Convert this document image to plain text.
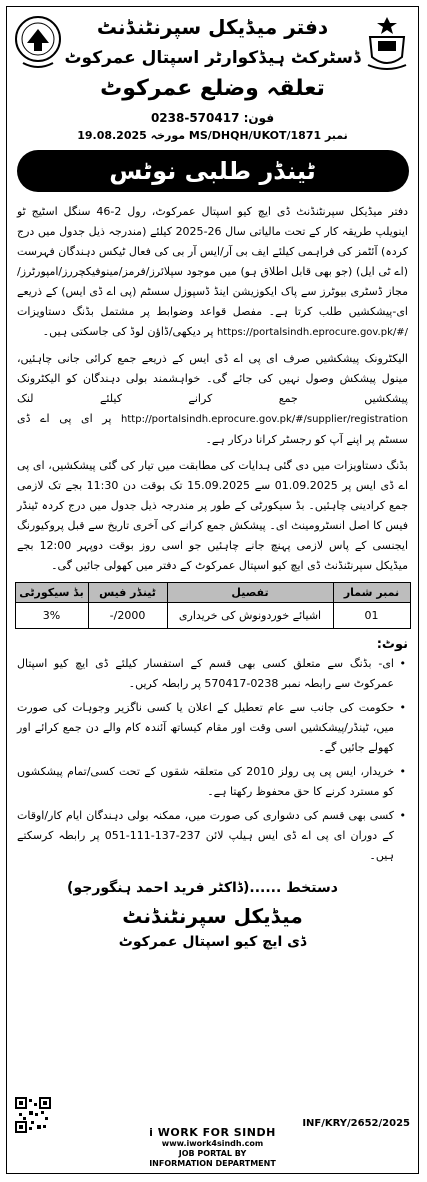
دفتر میڈیکل سپرنٹنڈنٹ
ڈسٹرکٹ ہیڈکوارٹر اسپتال عمرکوٹ
تعلقہ وضلع عمرکوٹ
فون: 0238-570417
نمبر MS/DHQH/UKOT/1871 مورخہ 19.08.2025
ٹینڈر طلبی نوٹس

دفتر میڈیکل سپرنٹنڈنٹ ڈی ایچ کیو اسپتال عمرکوٹ، رول 2-46 سنگل اسٹیج ٹو اینویلپ طریقہ کار کے تحت مالیاتی سال 26-2025 کیلئے (مندرجہ ذیل جدول میں درج کردہ) آئٹمز کی فراہمی کیلئے ایف بی آر/ایس آر بی کی فعال ٹیکس دہندگان فہرست (اے ٹی ایل) (جو بھی قابل اطلاق ہو) میں موجود سپلائرز/فرمز/مینوفیکچررز/امپورٹرز/مجاز ڈسٹری بیوٹرز سے پاک ایکوزیشن اینڈ ڈسپوزل سسٹم (پی اے ڈی ایس) کے ذریعے ای-پیشکشیں طلب کرتا ہے۔ مفصل قواعد وضوابط پر مشتمل بڈنگ دستاویزات https://portalsindh.eprocure.gov.pk/#/ پر دیکھی/ڈاؤن لوڈ کی جاسکتی ہیں۔

الیکٹرونک پیشکشیں صرف ای پی اے ڈی ایس کے ذریعے جمع کرائی جانی چاہئیں، مینول پیشکش وصول نہیں کی جائے گی۔ خواہشمند بولی دہندگان کو الیکٹرونک پیشکشیں جمع کرانے کیلئے لنک http://portalsindh.eprocure.gov.pk/#/supplier/registration پر ای پی اے ڈی سسٹم پر اپنے آپ کو رجسٹر کرانا درکار ہے۔

بڈنگ دستاویزات میں دی گئی ہدایات کی مطابقت میں تیار کی گئی پیشکشیں، ای پی اے ڈی ایس پر 01.09.2025 سے 15.09.2025 تک بوقت دن 11:30 بجے تک لازمی جمع کرادینی چاہئیں۔ بڈ سیکورٹی کے طور پر مندرجہ ذیل جدول میں درج کردہ ٹینڈر فیس کا اصل انسٹرومینٹ ای۔ پیشکش جمع کرانے کی آخری تاریخ سے قبل پروکیورنگ ایجنسی کے پاس لازمی پہنچ جانے چاہئیں جو اسی روز بوقت دوپہر 12:00 بجے میڈیکل سپرنٹنڈنٹ ڈی ایچ کیو اسپتال عمرکوٹ کے دفتر میں کھولی جائیں گی۔

نمبر شمار	تفصیل	ٹینڈر فیس	بڈ سیکورٹی
01	اشیائے خوردونوش کی خریداری	2000/-	3%
نوٹ:
• ای- بڈنگ سے متعلق کسی بھی قسم کے استفسار کیلئے ڈی ایچ کیو اسپتال عمرکوٹ سے رابطہ نمبر 0238-570417 پر رابطہ کریں۔
• حکومت کی جانب سے عام تعطیل کے اعلان یا کسی ناگزیر وجوہات کی صورت میں، ٹینڈر/پیشکشیں اسی وقت اور مقام کیساتھ آئندہ کام والے دن جمع کرائے اور کھولے جائیں گے۔
• خریدار، ایس پی پی رولز 2010 کی متعلقہ شقوں کے تحت کسی/تمام پیشکشوں کو مسترد کرنے کا حق محفوظ رکھتا ہے۔
• کسی بھی قسم کی دشواری کی صورت میں، ممکنہ بولی دہندگان ایام کار/اوقات کے دوران ای پی اے ڈی ایس ہیلپ لائن 237-137-111-051 پر رابطہ کرسکتے ہیں۔
دستخط ......(ڈاکٹر فرید احمد ہنگورجو)
میڈیکل سپرنٹنڈنٹ
ڈی ایچ کیو اسپتال عمرکوٹ
INF/KRY/2652/2025
i WORK FOR SINDH
www.iwork4sindh.com
JOB PORTAL BY
INFORMATION DEPARTMENT
